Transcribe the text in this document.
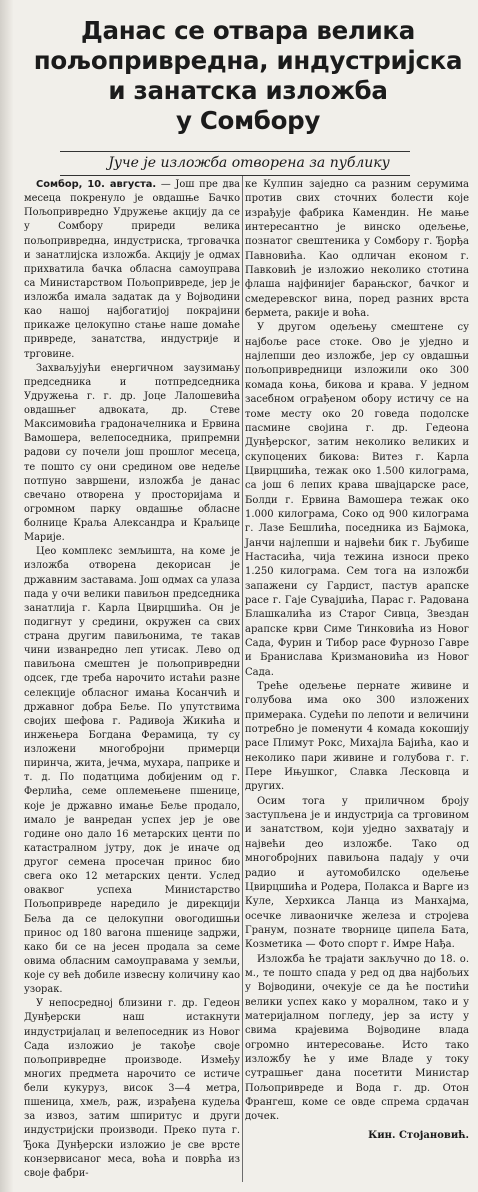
Данас се отвара велика
пољопривредна, индустријска
и занатска изложба
у Сомбору
Јуче је изложба отворена за публику

Сомбор, 10. августа. — Још пре два месеца покренуло је овдашње Бачко Пољопривредно Удружење акцију да се у Сомбору приреди велика пољопривредна, индустриска, трговачка и занатлијска изложба. Акцију је одмах прихватила бачка обласна самоуправа са Министарством Пољопривреде, јер је изложба имала задатак да у Војводини као нашој најбогатијој покрајини прикаже целокупно стање наше домаће привреде, занатства, индустрије и трговине.

Захваљујући енергичном заузимању председника и потпредседника Удружења г. г. др. Јоце Лалошевића овдашњег адвоката, др. Стеве Максимовића градоначелника и Ервина Вамошера, велепоседника, припремни радови су почели још прошлог месеца, те пошто су они средином ове недеље потпуно завршени, изложба је данас свечано отворена у просторијама и огромном парку овдашње обласне болнице Краља Александра и Краљице Марије.

Цео комплекс земљишта, на коме је изложба отворена декорисан је државним заставама. Још одмах са улаза пада у очи велики павиљон председника занатлија г. Карла Цвирцшића. Он је подигнут у средини, окружен са свих страна другим павиљонима, те такав чини изванредно леп утисак. Лево од павиљона смештен је пољопривредни одсек, где треба нарочито истаћи разне селекције обласног имања Косанчић и државног добра Беље. По упутствима својих шефова г. Радивоја Жикића и инжењера Богдана Ферамица, ту су изложени многобројни примерци пиринча, жита, јечма, мухара, паприке и т. д. По податцима добијеним од г. Ферлића, семе оплемењене пшенице, које је државно имање Беље продало, имало је ванредан успех јер је ове године оно дало 16 метарских центи по катастралном јутру, док је иначе од другог семена просечан принос био свега око 12 метарских центи. Услед оваквог успеха Министарство Пољопривреде наредило је дирекцији Беља да се целокупни овогодишњи принос од 180 вагона пшенице задржи, како би се на јесен продала за семе овима обласним самоуправама у земљи, које су већ добиле извесну количину као узорак.

У непосредној близини г. др. Гедеон Дунђерски наш истакнути индустријалац и велепоседник из Новог Сада изложио је такође своје пољопривредне производе. Између многих предмета нарочито се истиче бели кукуруз, висок 3—4 метра, пшеница, хмељ, раж, израђена кудеља за извоз, затим шпиритус и други индустријски производи. Преко пута г. Ђока Дунђерски изложио је све врсте конзервисаног меса, воћа и поврћа из своје фабри-

ке Кулпин заједно са разним серумима против свих сточних болести које израђује фабрика Камендин. Не мање интересантно је винско одељење, познатог свештеника у Сомбору г. Ђорђа Павновића. Као одличан економ г. Павковић је изложио неколико стотина флаша најфинијег барањског, бачког и смедеревског вина, поред разних врста бермета, ракије и воћа.

У другом одељењу смештене су најбоље расе стоке. Ово је уједно и најлепши део изложбе, јер су овдашњи пољопривредници изложили око 300 комада коња, бикова и крава. У једном засебном ограђеном обору истичу се на томе месту око 20 говеда подолске пасмине својина г. др. Гедеона Дунђерског, затим неколико великих и скупоцених бикова: Витез г. Карла Цвирцшића, тежак око 1.500 килограма, са још 6 лепих крава швајцарске расе, Болди г. Ервина Вамошера тежак око 1.000 килограма, Соко од 900 килограма г. Лазе Бешлића, поседника из Бајмока, Јанчи најлепши и највећи бик г. Љубише Настасића, чија тежина износи преко 1.250 килограма. Сем тога на изложби запажени су Гардист, пастув арапске расе г. Гаје Сувајџића, Парас г. Радована Блашкалића из Старог Сивца, Звездан арапске крви Симе Тинковића из Новог Сада, Фурин и Тибор расе Фурнозо Гавре и Бранислава Кризмановића из Новог Сада.

Треће одељење пернате живине и голубова има око 300 изложених примерака. Судећи по лепоти и величини потребно је поменути 4 комада кокошију расе Плимут Рокс, Михајла Бајића, као и неколико пари живине и голубова г. г. Пере Ињушког, Славка Лесковца и других.

Осим тога у приличном броју заступљена је и индустрија са трговином и занатством, који уједно захватају и највећи део изложбе. Тако од многобројних павиљона падају у очи радио и аутомобилско одељење Цвирцшића и Родера, Полакса и Варге из Куле, Херхикса Ланца из Манхајма, осечке ливаоничке железа и стројева Гранум, познате творнице ципела Бата, Козметика — Фото спорт г. Имре Нађа.

Изложба ће трајати закључно до 18. о. м., те пошто спада у ред од два најбољих у Војводини, очекује се да ће постићи велики успех како у моралном, тако и у материјалном погледу, јер за исту у свима крајевима Војводине влада огромно интересовање. Исто тако изложбу ће у име Владе у току сутрашњег дана посетити Министар Пољопривреде и Вода г. др. Отон Франгеш, коме се овде спрема срдачан дочек.

Кин. Стојановић.
